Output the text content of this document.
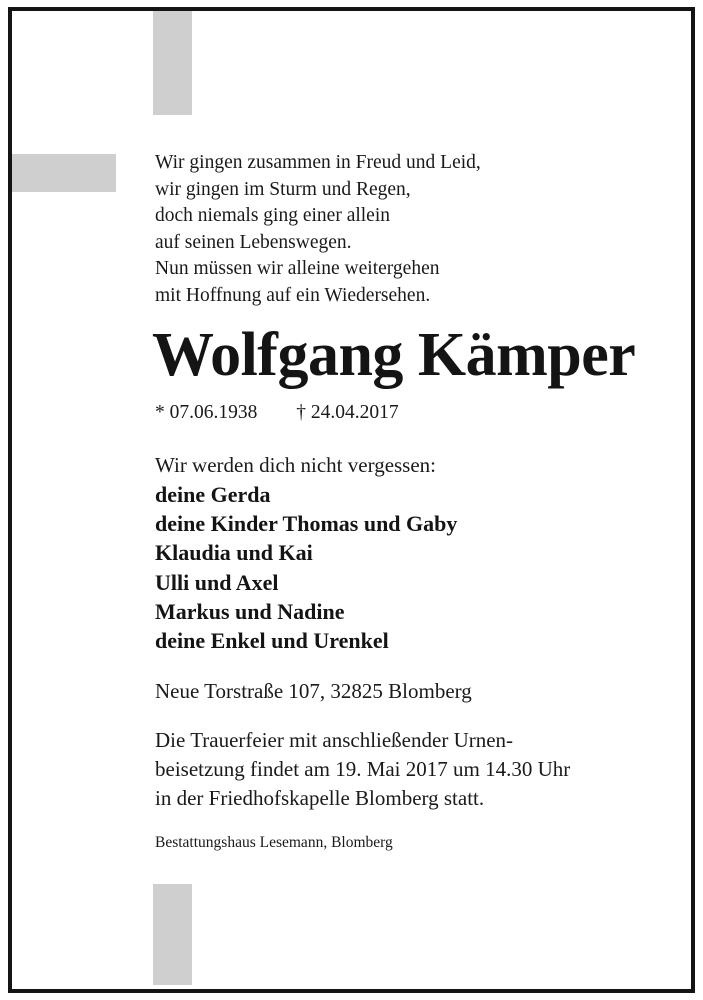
Wir gingen zusammen in Freud und Leid,
wir gingen im Sturm und Regen,
doch niemals ging einer allein
auf seinen Lebenswegen.
Nun müssen wir alleine weitergehen
mit Hoffnung auf ein Wiedersehen.
Wolfgang Kämper
* 07.06.1938 † 24.04.2017
Wir werden dich nicht vergessen:
deine Gerda
deine Kinder Thomas und Gaby
Klaudia und Kai
Ulli und Axel
Markus und Nadine
deine Enkel und Urenkel
Neue Torstraße 107, 32825 Blomberg
Die Trauerfeier mit anschließender Urnen-
beisetzung findet am 19. Mai 2017 um 14.30 Uhr
in der Friedhofskapelle Blomberg statt.
Bestattungshaus Lesemann, Blomberg
